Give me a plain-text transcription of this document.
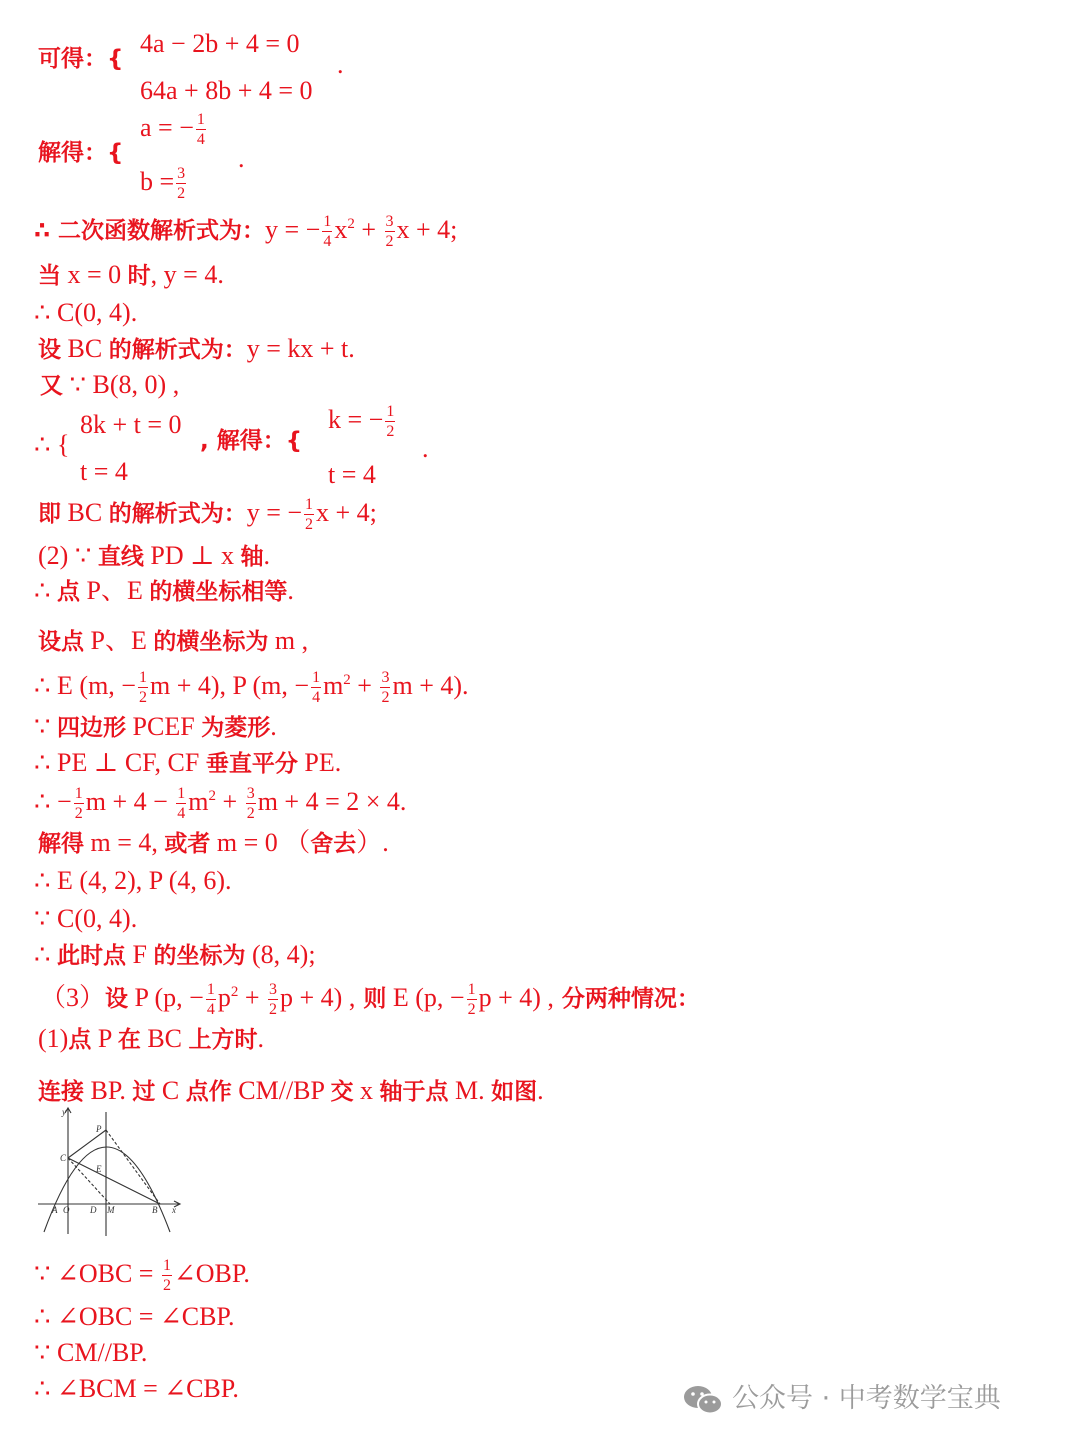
可得：{
4a − 2b + 4 = 0
64a + 8b + 4 = 0
.
解得：{
a = − $\frac{1}{4}$
.
$b = \frac{3}{2}$
∴ 二次函数解析式为：y = − $\frac{1}{4} x^2 + \frac{3}{2}$ x + 4;
当 x = 0 时, y = 4.
∴ C(0, 4).
设 BC 的解析式为：y = kx + t.
又 ∵ B(8, 0) ,
∴ {
8k + t = 0
t = 4
, 解得：{
k = − $\frac{1}{2}$
.
t = 4
即 BC 的解析式为：y = − $\frac{1}{2}$ x + 4;
(2) ∵ 直线 PD ⊥ x 轴.
∴ 点 P、E 的横坐标相等.
设点 P、E 的横坐标为 m ,
∴ E (m, − $\frac{1}{2}$ m + 4), P (m, − $\frac{1}{4} m^2 + \frac{3}{2}$ m + 4).
∵ 四边形 PCEF 为菱形.
∴ PE ⊥ CF, CF 垂直平分 PE.
∴ − $\frac{1}{2}$ $m + 4 - \frac{1}{4} m^2 + \frac{3}{2}$ m + 4 = 2 × 4.
解得 m = 4, 或者 m = 0 （舍去）.
∴ E (4, 2), P (4, 6).
∵ C(0, 4).
∴ 此时点 F 的坐标为 (8, 4);
（3）设 P (p, − $\frac{1}{4} p^2 + \frac{3}{2}$ p + 4) , 则 E (p, − $\frac{1}{2}$ p + 4) , 分两种情况：
(1)点 P 在 BC 上方时.
连接 BP. 过 C 点作 CM//BP 交 x 轴于点 M. 如图.
y
P
C
E
A O D M	B x
∵ ∠OBC = $\frac{1}{2}$ ∠OBP.
∴ ∠OBC = ∠CBP.
∵ CM//BP.
∴ ∠BCM = ∠CBP.	公众号 · 中考数学宝典
